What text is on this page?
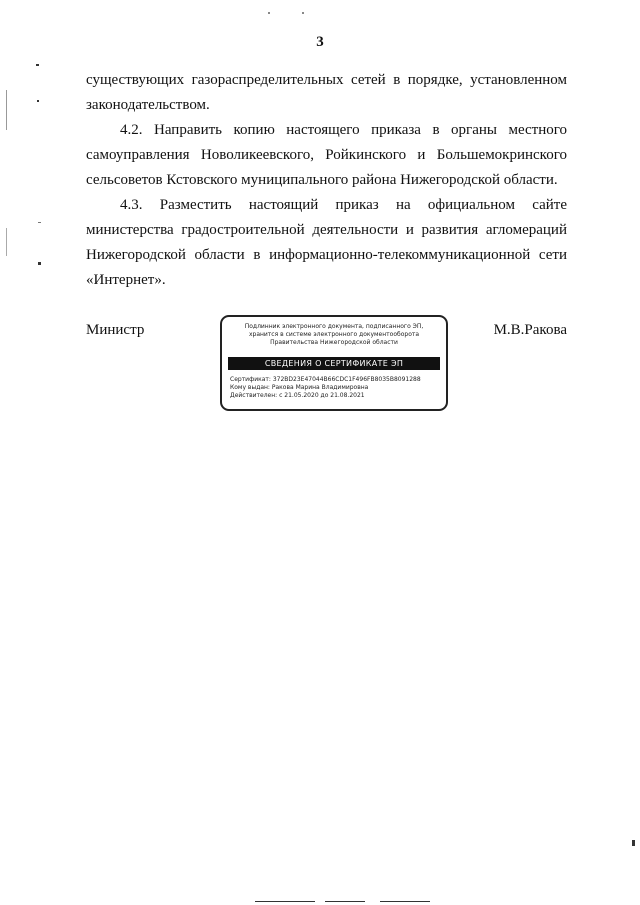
3

существующих газораспределительных сетей в порядке, установленном законодательством.

4.2. Направить копию настоящего приказа в органы местного самоуправления Новоликеевского, Ройкинского и Большемокринского сельсоветов Кстовского муниципального района Нижегородской области.

4.3. Разместить настоящий приказ на официальном сайте министерства градостроительной деятельности и развития агломераций Нижегородской области в информационно-телекоммуникационной сети «Интернет».

Министр	Подлинник электронного документа, подписанного ЭП,
хранится в системе электронного документооборота
Правительства Нижегородской области
СВЕДЕНИЯ О СЕРТИФИКАТЕ ЭП
Сертификат: 372BD23E47044B66CDC1F496FB8035B8091288
Кому выдан: Ракова Марина Владимировна
Действителен: с 21.05.2020 до 21.08.2021
М.В.Ракова
